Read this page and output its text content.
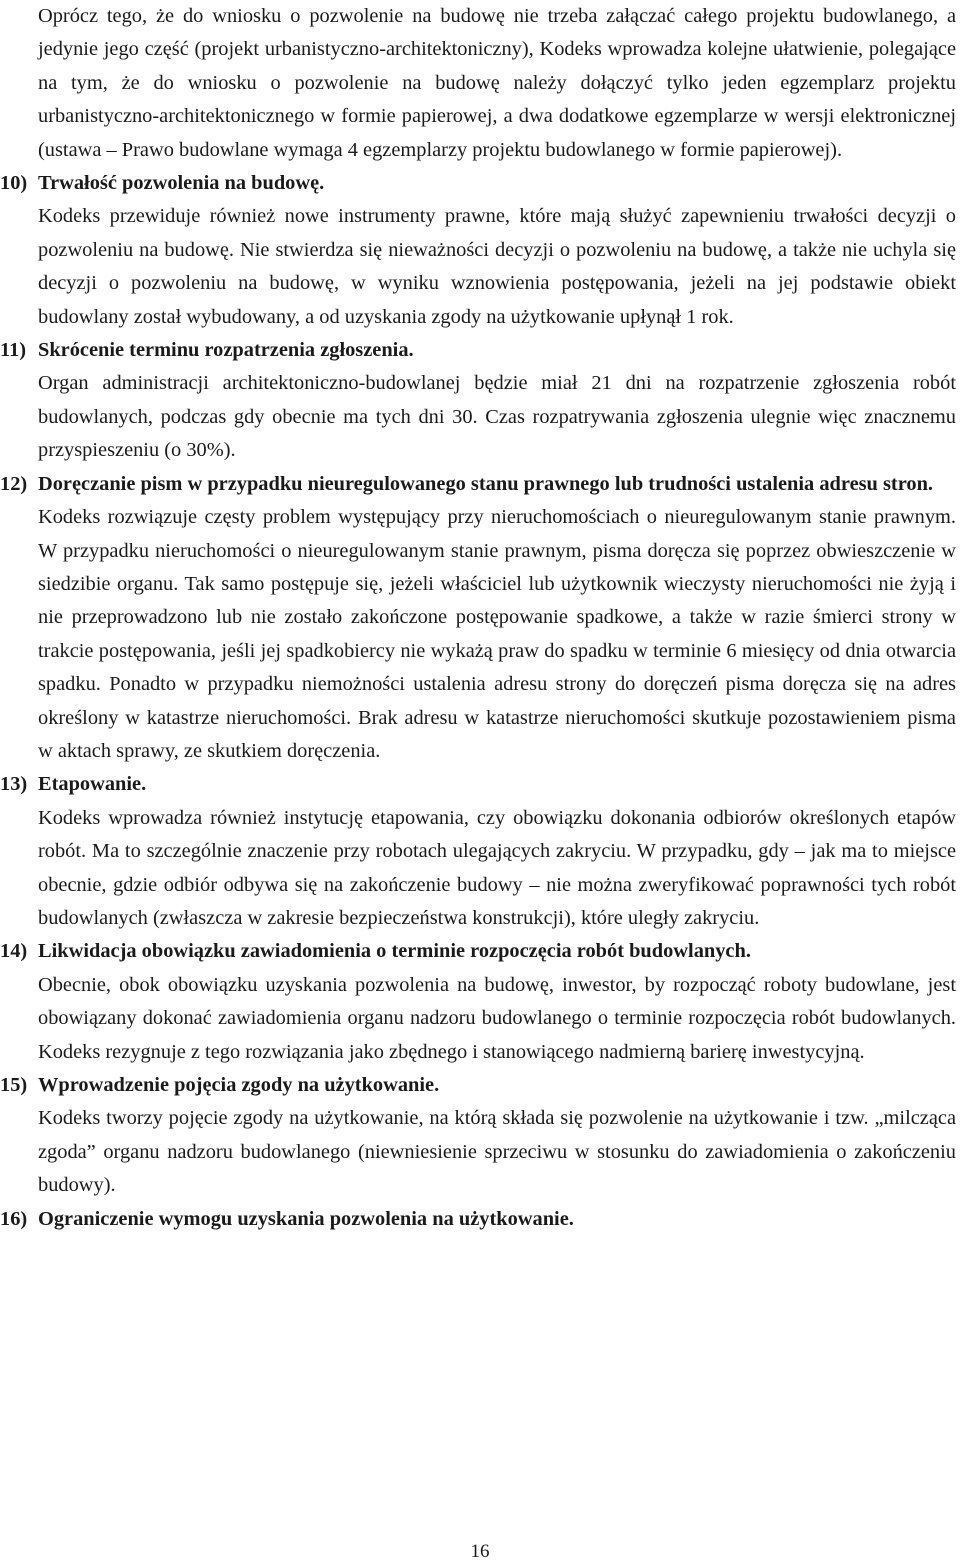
Oprócz tego, że do wniosku o pozwolenie na budowę nie trzeba załączać całego projektu budowlanego, a jedynie jego część (projekt urbanistyczno-architektoniczny), Kodeks wprowadza kolejne ułatwienie, polegające na tym, że do wniosku o pozwolenie na budowę należy dołączyć tylko jeden egzemplarz projektu urbanistyczno-architektonicznego w formie papierowej, a dwa dodatkowe egzemplarze w wersji elektronicznej (ustawa – Prawo budowlane wymaga 4 egzemplarzy projektu budowlanego w formie papierowej).

10) Trwałość pozwolenia na budowę.

Kodeks przewiduje również nowe instrumenty prawne, które mają służyć zapewnieniu trwałości decyzji o pozwoleniu na budowę. Nie stwierdza się nieważności decyzji o pozwoleniu na budowę, a także nie uchyla się decyzji o pozwoleniu na budowę, w wyniku wznowienia postępowania, jeżeli na jej podstawie obiekt budowlany został wybudowany, a od uzyskania zgody na użytkowanie upłynął 1 rok.

11) Skrócenie terminu rozpatrzenia zgłoszenia.

Organ administracji architektoniczno-budowlanej będzie miał 21 dni na rozpatrzenie zgłoszenia robót budowlanych, podczas gdy obecnie ma tych dni 30. Czas rozpatrywania zgłoszenia ulegnie więc znacznemu przyspieszeniu (o 30%).

12) Doręczanie pism w przypadku nieuregulowanego stanu prawnego lub trudności ustalenia adresu stron.

Kodeks rozwiązuje częsty problem występujący przy nieruchomościach o nieuregulowanym stanie prawnym. W przypadku nieruchomości o nieuregulowanym stanie prawnym, pisma doręcza się poprzez obwieszczenie w siedzibie organu. Tak samo postępuje się, jeżeli właściciel lub użytkownik wieczysty nieruchomości nie żyją i nie przeprowadzono lub nie zostało zakończone postępowanie spadkowe, a także w razie śmierci strony w trakcie postępowania, jeśli jej spadkobiercy nie wykażą praw do spadku w terminie 6 miesięcy od dnia otwarcia spadku. Ponadto w przypadku niemożności ustalenia adresu strony do doręczeń pisma doręcza się na adres określony w katastrze nieruchomości. Brak adresu w katastrze nieruchomości skutkuje pozostawieniem pisma w aktach sprawy, ze skutkiem doręczenia.

13) Etapowanie.

Kodeks wprowadza również instytucję etapowania, czy obowiązku dokonania odbiorów określonych etapów robót. Ma to szczególnie znaczenie przy robotach ulegających zakryciu. W przypadku, gdy – jak ma to miejsce obecnie, gdzie odbiór odbywa się na zakończenie budowy – nie można zweryfikować poprawności tych robót budowlanych (zwłaszcza w zakresie bezpieczeństwa konstrukcji), które uległy zakryciu.

14) Likwidacja obowiązku zawiadomienia o terminie rozpoczęcia robót budowlanych.

Obecnie, obok obowiązku uzyskania pozwolenia na budowę, inwestor, by rozpocząć roboty budowlane, jest obowiązany dokonać zawiadomienia organu nadzoru budowlanego o terminie rozpoczęcia robót budowlanych. Kodeks rezygnuje z tego rozwiązania jako zbędnego i stanowiącego nadmierną barierę inwestycyjną.

15) Wprowadzenie pojęcia zgody na użytkowanie.

Kodeks tworzy pojęcie zgody na użytkowanie, na którą składa się pozwolenie na użytkowanie i tzw. „milcząca zgoda” organu nadzoru budowlanego (niewniesienie sprzeciwu w stosunku do zawiadomienia o zakończeniu budowy).

16) Ograniczenie wymogu uzyskania pozwolenia na użytkowanie.
16
